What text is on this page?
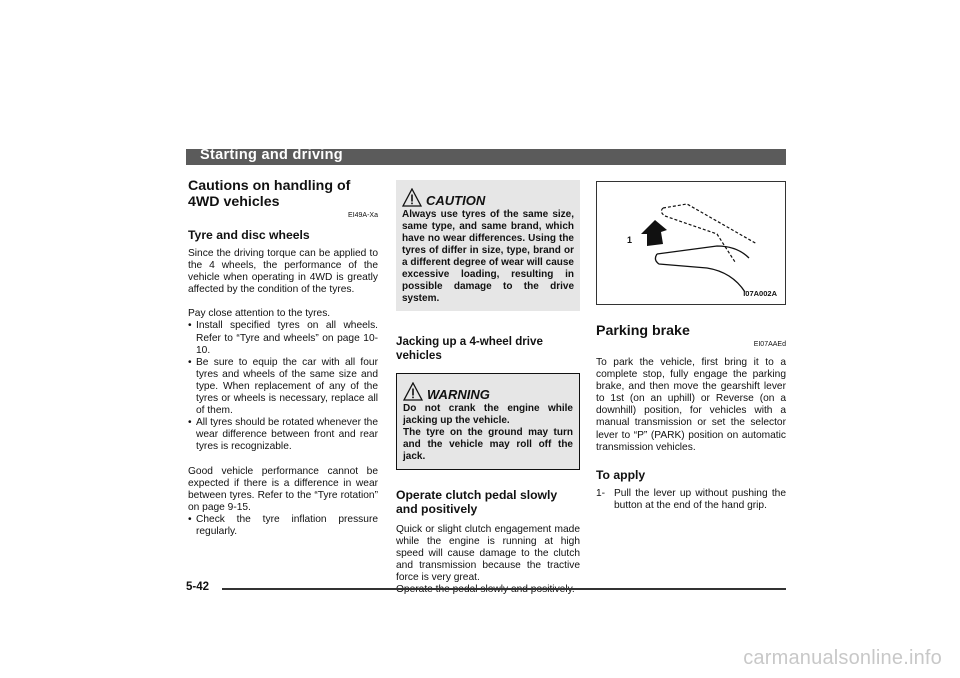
Starting and driving
Cautions on handling of 4WD vehicles
EI49A-Xa
Tyre and disc wheels

Since the driving torque can be applied to the 4 wheels, the performance of the vehicle when operating in 4WD is greatly affected by the condition of the tyres.

Pay close attention to the tyres.

• Install specified tyres on all wheels. Refer to “Tyre and wheels” on page 10-10.
• Be sure to equip the car with all four tyres and wheels of the same size and type. When replacement of any of the tyres or wheels is necessary, replace all of them.
• All tyres should be rotated whenever the wear difference between front and rear tyres is recognizable.

Good vehicle performance cannot be expected if there is a difference in wear between tyres. Refer to the “Tyre rotation” on page 9-15.

• Check the tyre inflation pressure regularly.
CAUTION
Always use tyres of the same size, same type, and same brand, which have no wear differences. Using the tyres of differ in size, type, brand or a different degree of wear will cause excessive loading, resulting in possible damage to the drive system.
Jacking up a 4-wheel drive vehicles
WARNING
Do not crank the engine while jacking up the vehicle.
The tyre on the ground may turn and the vehicle may roll off the jack.
Operate clutch pedal slowly and positively

Quick or slight clutch engagement made while the engine is running at high speed will cause damage to the clutch and transmission because the tractive force is very great.

1
I07A002A
Parking brake
EI07AAEd

To park the vehicle, first bring it to a complete stop, fully engage the parking brake, and then move the gearshift lever to 1st (on an uphill) or Reverse (on a downhill) position, for vehicles with a manual transmission or set the selector lever to “P” (PARK) position on automatic transmission vehicles.

To apply
1- Pull the lever up without pushing the button at the end of the hand grip.

5-42
carmanualsonline.info
